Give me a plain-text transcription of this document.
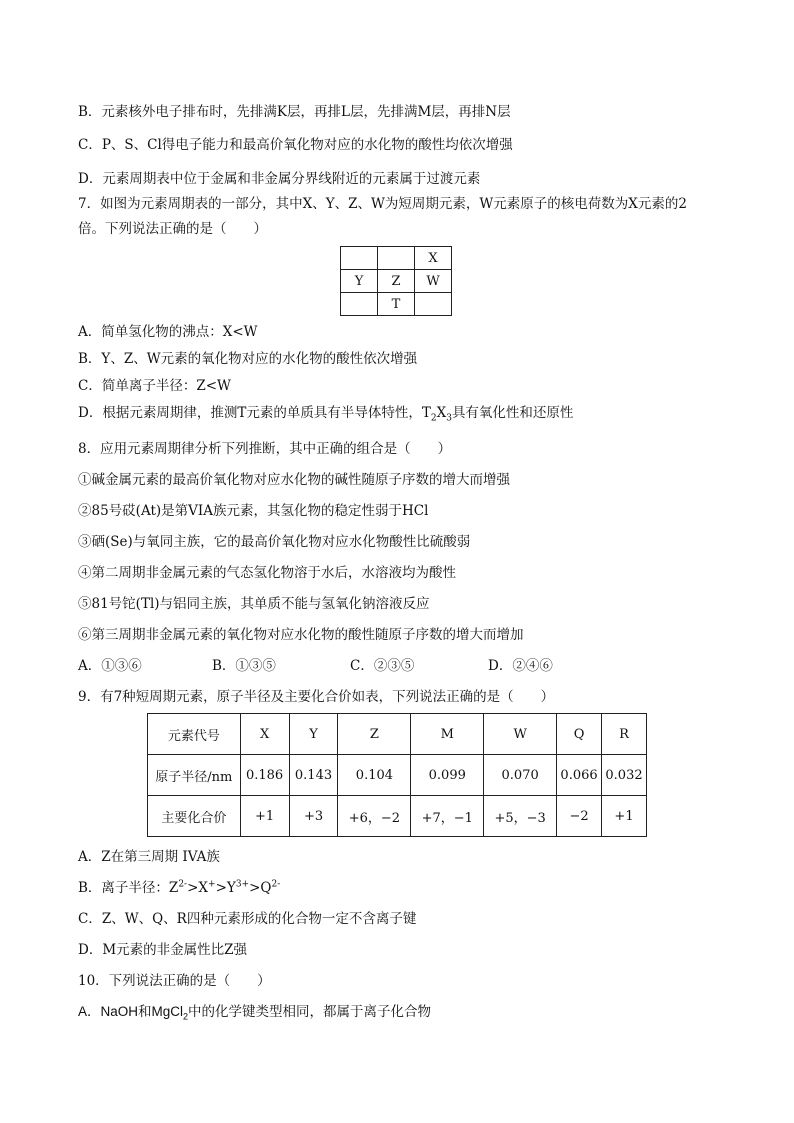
B．元素核外电子排布时，先排满K层，再排L层，先排满M层，再排N层
C．P、S、Cl得电子能力和最高价氧化物对应的水化物的酸性均依次增强
D．元素周期表中位于金属和非金属分界线附近的元素属于过渡元素
7．如图为元素周期表的一部分，其中X、Y、Z、W为短周期元素，W元素原子的核电荷数为X元素的2
倍。下列说法正确的是（　　）
		X
Y	Z	W
	T	
A．简单氢化物的沸点：X<W
B．Y、Z、W元素的氧化物对应的水化物的酸性依次增强
C．简单离子半径：Z<W
D．根据元素周期律，推测T元素的单质具有半导体特性，$T_2X_3$具有氧化性和还原性
8．应用元素周期律分析下列推断，其中正确的组合是（　　）
①碱金属元素的最高价氧化物对应水化物的碱性随原子序数的增大而增强
②85号砹(At)是第VIA族元素，其氢化物的稳定性弱于HCl
③硒(Se)与氧同主族，它的最高价氧化物对应水化物酸性比硫酸弱
④第二周期非金属元素的气态氢化物溶于水后，水溶液均为酸性
⑤81号铊(Tl)与铝同主族，其单质不能与氢氧化钠溶液反应
⑥第三周期非金属元素的氧化物对应水化物的酸性随原子序数的增大而增加
A．①③⑥	B．①③⑤	C．②③⑤	D．②④⑥
9．有7种短周期元素，原子半径及主要化合价如表，下列说法正确的是（　　）
元素代号	X	Y	Z	M	W	Q	R
原子半径/nm	0.186	0.143	0.104	0.099	0.070	0.066	0.032
主要化合价	+1	+3	+6，−2	+7，−1	+5，−3	−2	+1
A．Z在第三周期 IVA族
B．离子半径：$Z^{2-}>X^+>Y^{3+}>Q^{2-}$
C．Z、W、Q、R四种元素形成的化合物一定不含离子键
D．M元素的非金属性比Z强
10．下列说法正确的是（　　）
A．NaOH和MgCl$_2$中的化学键类型相同，都属于离子化合物
